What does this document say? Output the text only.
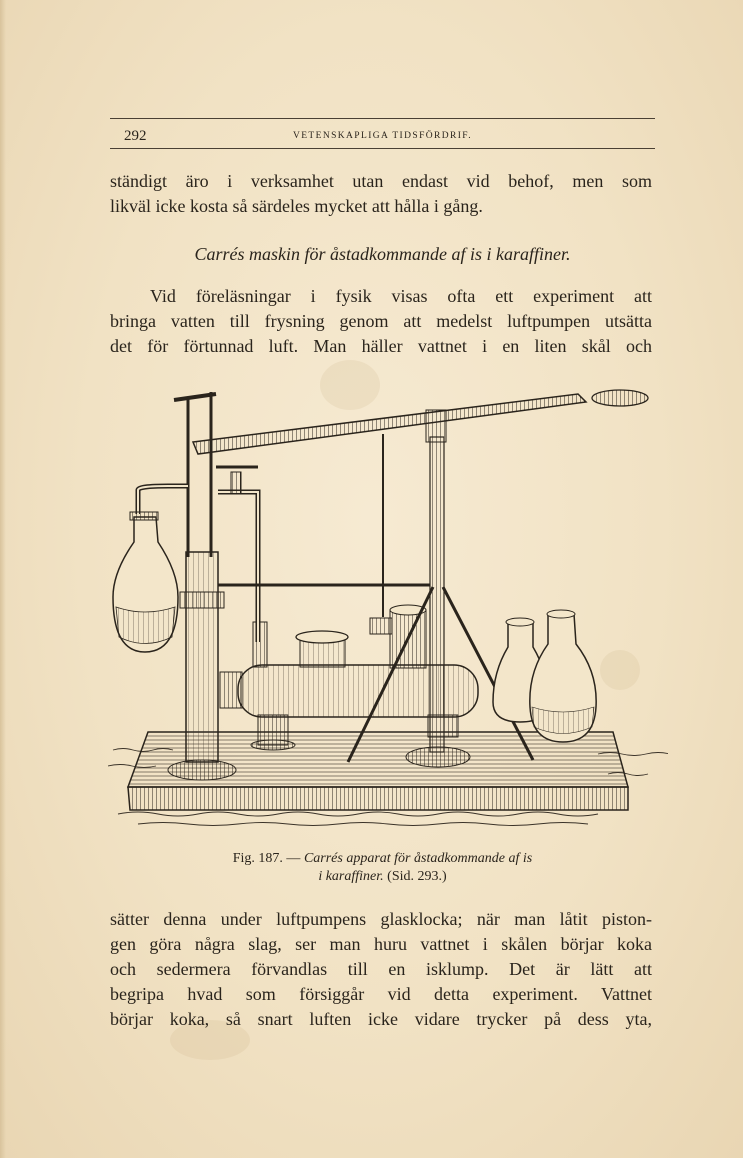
292	VETENSKAPLIGA TIDSFÖRDRIF.
ständigt äro i verksamhet utan endast vid behof, men som
likväl icke kosta så särdeles mycket att hålla i gång.
Carrés maskin för åstadkommande af is i karaffiner.
Vid föreläsningar i fysik visas ofta ett experiment att
bringa vatten till frysning genom att medelst luftpumpen utsätta
det för förtunnad luft. Man häller vattnet i en liten skål och
Fig. 187. — Carrés apparat för åstadkommande af is
i karaffiner. (Sid. 293.)
sätter denna under luftpumpens glasklocka; när man låtit piston-
gen göra några slag, ser man huru vattnet i skålen börjar koka
och sedermera förvandlas till en isklump. Det är lätt att
begripa hvad som försiggår vid detta experiment. Vattnet
börjar koka, så snart luften icke vidare trycker på dess yta,
